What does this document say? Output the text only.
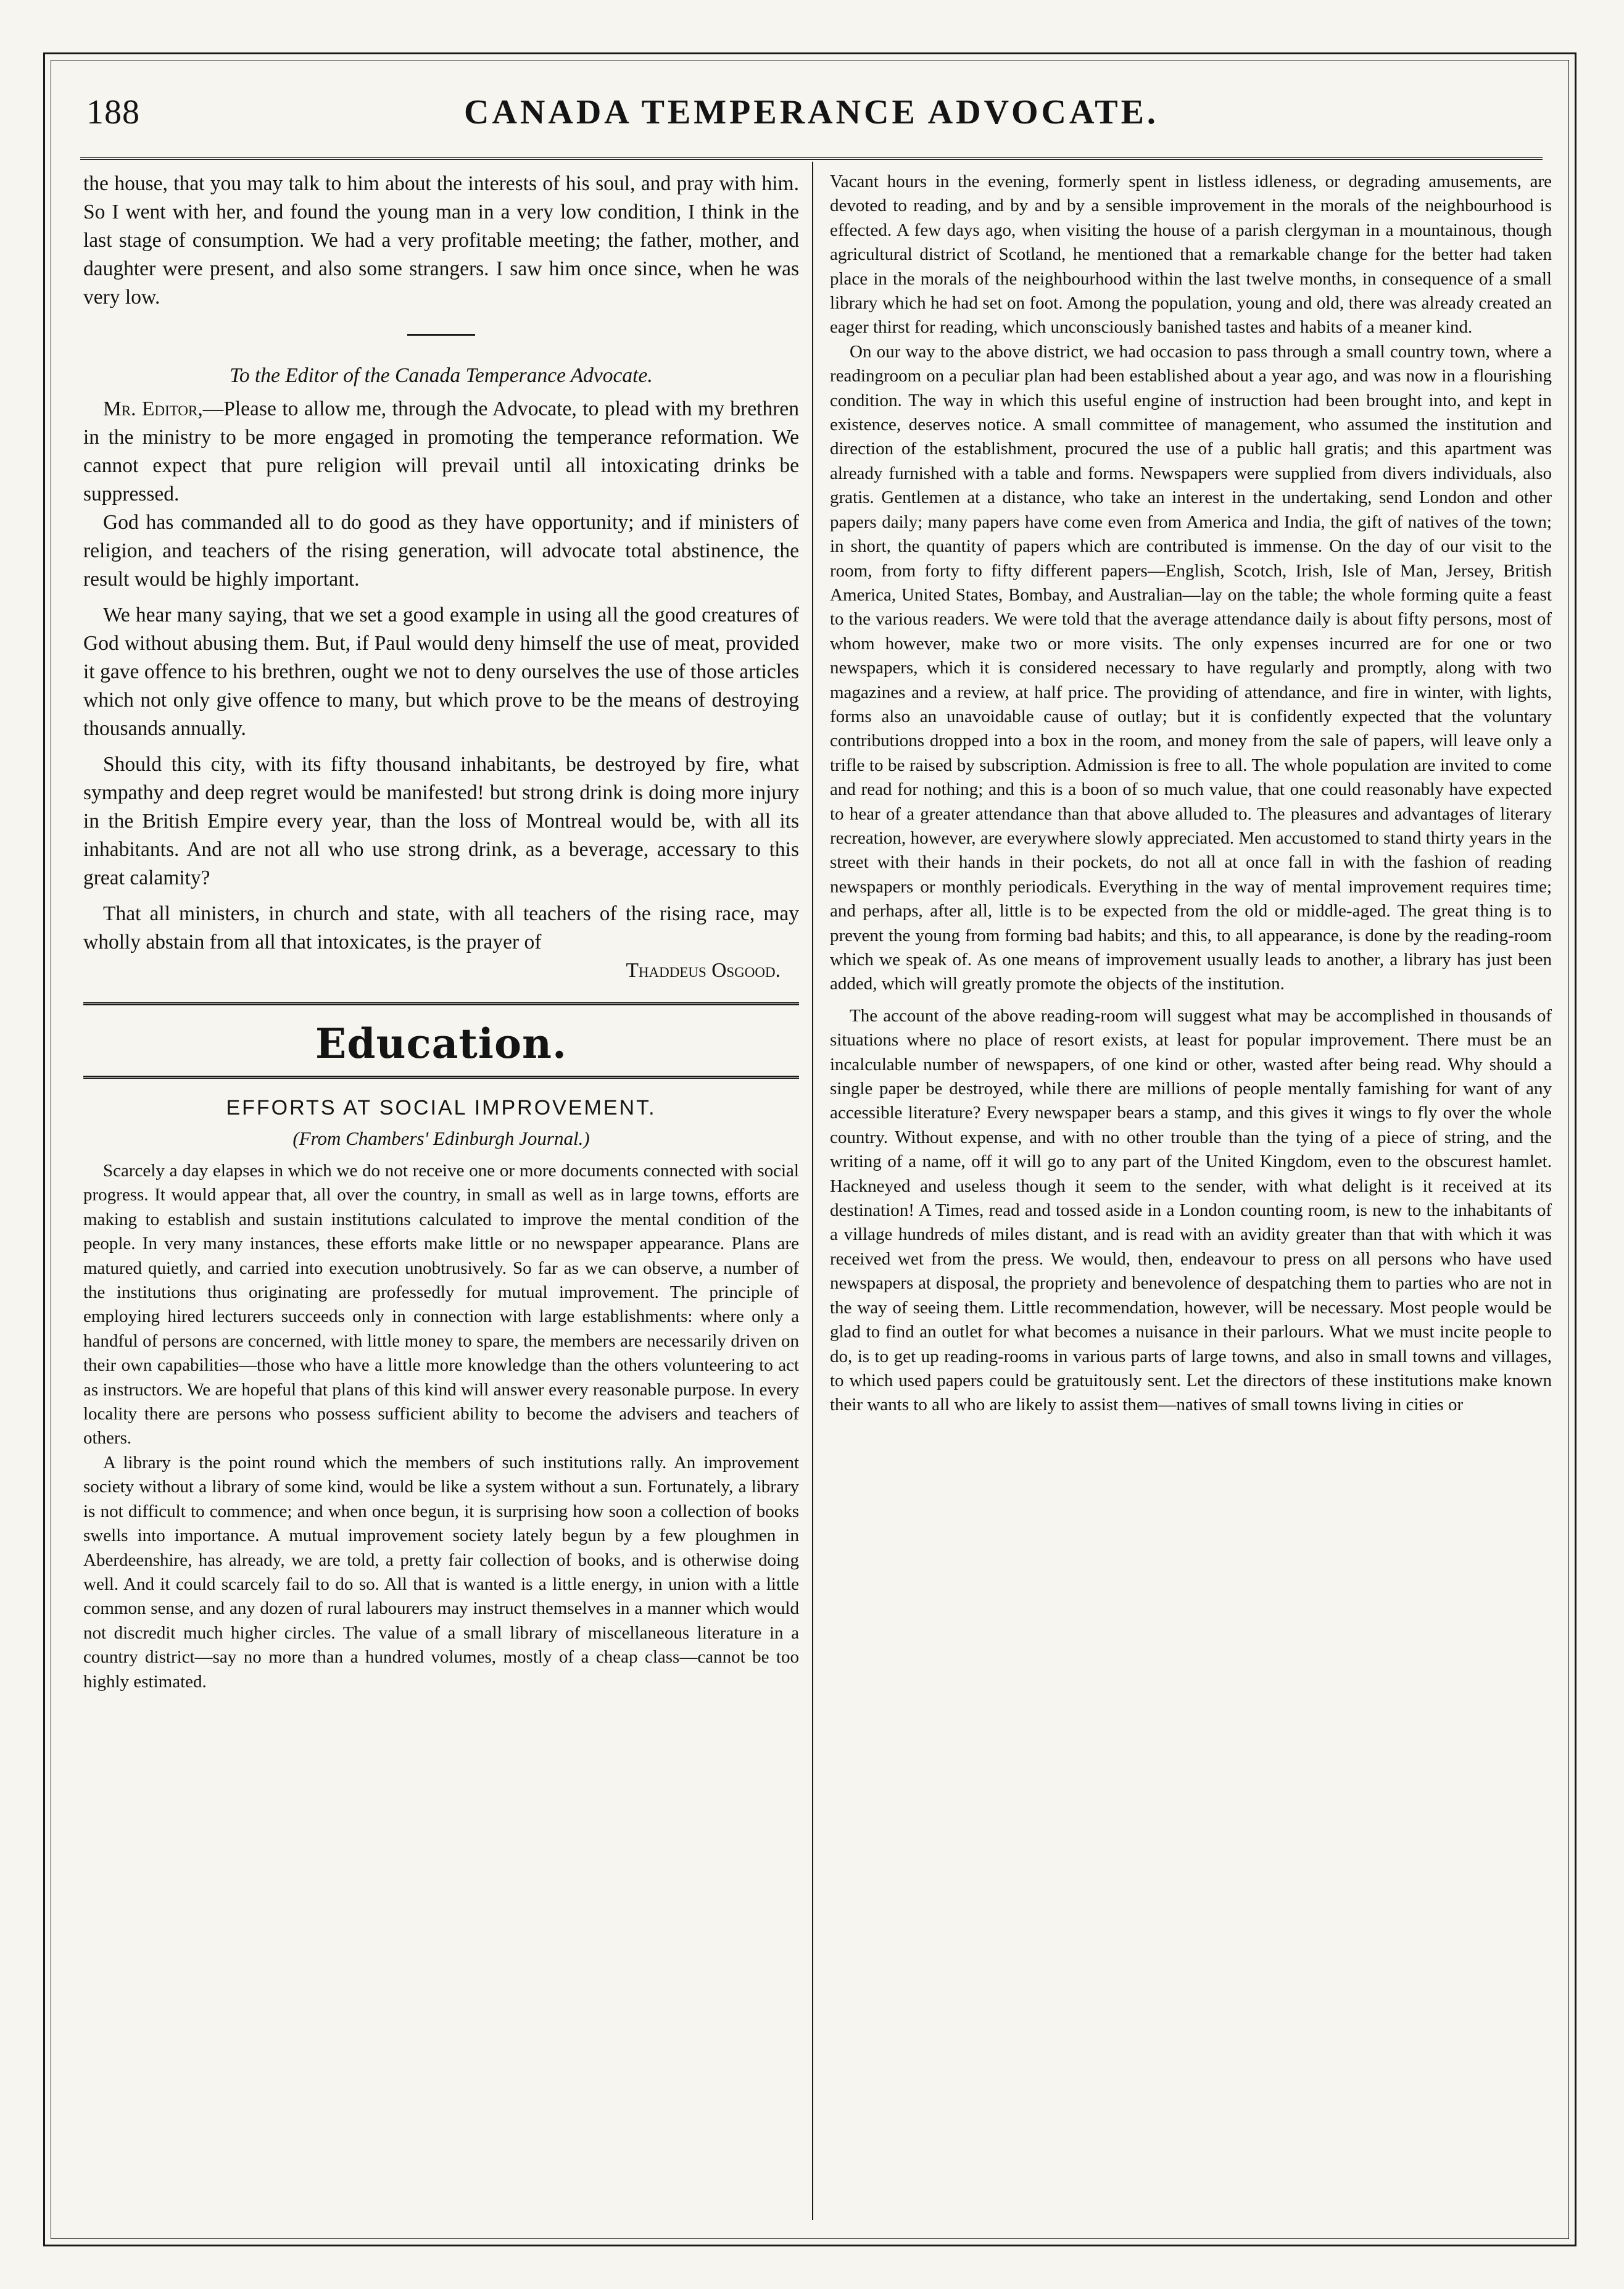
CANADA TEMPERANCE ADVOCATE.
188

the house, that you may talk to him about the interests of his soul, and pray with him. So I went with her, and found the young man in a very low condition, I think in the last stage of consumption. We had a very profitable meeting; the father, mother, and daughter were present, and also some strangers. I saw him once since, when he was very low.

To the Editor of the Canada Temperance Advocate.

Mr. Editor,—Please to allow me, through the Advocate, to plead with my brethren in the ministry to be more engaged in promoting the temperance reformation. We cannot expect that pure religion will prevail until all intoxicating drinks be suppressed.

God has commanded all to do good as they have opportunity; and if ministers of religion, and teachers of the rising generation, will advocate total abstinence, the result would be highly important.

We hear many saying, that we set a good example in using all the good creatures of God without abusing them. But, if Paul would deny himself the use of meat, provided it gave offence to his brethren, ought we not to deny ourselves the use of those articles which not only give offence to many, but which prove to be the means of destroying thousands annually.

Should this city, with its fifty thousand inhabitants, be destroyed by fire, what sympathy and deep regret would be manifested! but strong drink is doing more injury in the British Empire every year, than the loss of Montreal would be, with all its inhabitants. And are not all who use strong drink, as a beverage, accessary to this great calamity?

That all ministers, in church and state, with all teachers of the rising race, may wholly abstain from all that intoxicates, is the prayer of

Thaddeus Osgood.
Education.
EFFORTS AT SOCIAL IMPROVEMENT.
(From Chambers' Edinburgh Journal.)

Scarcely a day elapses in which we do not receive one or more documents connected with social progress. It would appear that, all over the country, in small as well as in large towns, efforts are making to establish and sustain institutions calculated to improve the mental condition of the people. In very many instances, these efforts make little or no newspaper appearance. Plans are matured quietly, and carried into execution unobtrusively. So far as we can observe, a number of the institutions thus originating are professedly for mutual improvement. The principle of employing hired lecturers succeeds only in connection with large establishments: where only a handful of persons are concerned, with little money to spare, the members are necessarily driven on their own capabilities—those who have a little more knowledge than the others volunteering to act as instructors. We are hopeful that plans of this kind will answer every reasonable purpose. In every locality there are persons who possess sufficient ability to become the advisers and teachers of others.

A library is the point round which the members of such institutions rally. An improvement society without a library of some kind, would be like a system without a sun. Fortunately, a library is not difficult to commence; and when once begun, it is surprising how soon a collection of books swells into importance. A mutual improvement society lately begun by a few ploughmen in Aberdeenshire, has already, we are told, a pretty fair collection of books, and is otherwise doing well. And it could scarcely fail to do so. All that is wanted is a little energy, in union with a little common sense, and any dozen of rural labourers may instruct themselves in a manner which would not discredit much higher circles. The value of a small library of miscellaneous literature in a country district—say no more than a hundred volumes, mostly of a cheap class—cannot be too highly estimated.

Vacant hours in the evening, formerly spent in listless idleness, or degrading amusements, are devoted to reading, and by and by a sensible improvement in the morals of the neighbourhood is effected. A few days ago, when visiting the house of a parish clergyman in a mountainous, though agricultural district of Scotland, he mentioned that a remarkable change for the better had taken place in the morals of the neighbourhood within the last twelve months, in consequence of a small library which he had set on foot. Among the population, young and old, there was already created an eager thirst for reading, which unconsciously banished tastes and habits of a meaner kind.

On our way to the above district, we had occasion to pass through a small country town, where a readingroom on a peculiar plan had been established about a year ago, and was now in a flourishing condition. The way in which this useful engine of instruction had been brought into, and kept in existence, deserves notice. A small committee of management, who assumed the institution and direction of the establishment, procured the use of a public hall gratis; and this apartment was already furnished with a table and forms. Newspapers were supplied from divers individuals, also gratis. Gentlemen at a distance, who take an interest in the undertaking, send London and other papers daily; many papers have come even from America and India, the gift of natives of the town; in short, the quantity of papers which are contributed is immense. On the day of our visit to the room, from forty to fifty different papers—English, Scotch, Irish, Isle of Man, Jersey, British America, United States, Bombay, and Australian—lay on the table; the whole forming quite a feast to the various readers. We were told that the average attendance daily is about fifty persons, most of whom however, make two or more visits. The only expenses incurred are for one or two newspapers, which it is considered necessary to have regularly and promptly, along with two magazines and a review, at half price. The providing of attendance, and fire in winter, with lights, forms also an unavoidable cause of outlay; but it is confidently expected that the voluntary contributions dropped into a box in the room, and money from the sale of papers, will leave only a trifle to be raised by subscription. Admission is free to all. The whole population are invited to come and read for nothing; and this is a boon of so much value, that one could reasonably have expected to hear of a greater attendance than that above alluded to. The pleasures and advantages of literary recreation, however, are everywhere slowly appreciated. Men accustomed to stand thirty years in the street with their hands in their pockets, do not all at once fall in with the fashion of reading newspapers or monthly periodicals. Everything in the way of mental improvement requires time; and perhaps, after all, little is to be expected from the old or middle-aged. The great thing is to prevent the young from forming bad habits; and this, to all appearance, is done by the reading-room which we speak of. As one means of improvement usually leads to another, a library has just been added, which will greatly promote the objects of the institution.

The account of the above reading-room will suggest what may be accomplished in thousands of situations where no place of resort exists, at least for popular improvement. There must be an incalculable number of newspapers, of one kind or other, wasted after being read. Why should a single paper be destroyed, while there are millions of people mentally famishing for want of any accessible literature? Every newspaper bears a stamp, and this gives it wings to fly over the whole country. Without expense, and with no other trouble than the tying of a piece of string, and the writing of a name, off it will go to any part of the United Kingdom, even to the obscurest hamlet. Hackneyed and useless though it seem to the sender, with what delight is it received at its destination! A Times, read and tossed aside in a London counting room, is new to the inhabitants of a village hundreds of miles distant, and is read with an avidity greater than that with which it was received wet from the press. We would, then, endeavour to press on all persons who have used newspapers at disposal, the propriety and benevolence of despatching them to parties who are not in the way of seeing them. Little recommendation, however, will be necessary. Most people would be glad to find an outlet for what becomes a nuisance in their parlours. What we must incite people to do, is to get up reading-rooms in various parts of large towns, and also in small towns and villages, to which used papers could be gratuitously sent. Let the directors of these institutions make known their wants to all who are likely to assist them—natives of small towns living in cities or
